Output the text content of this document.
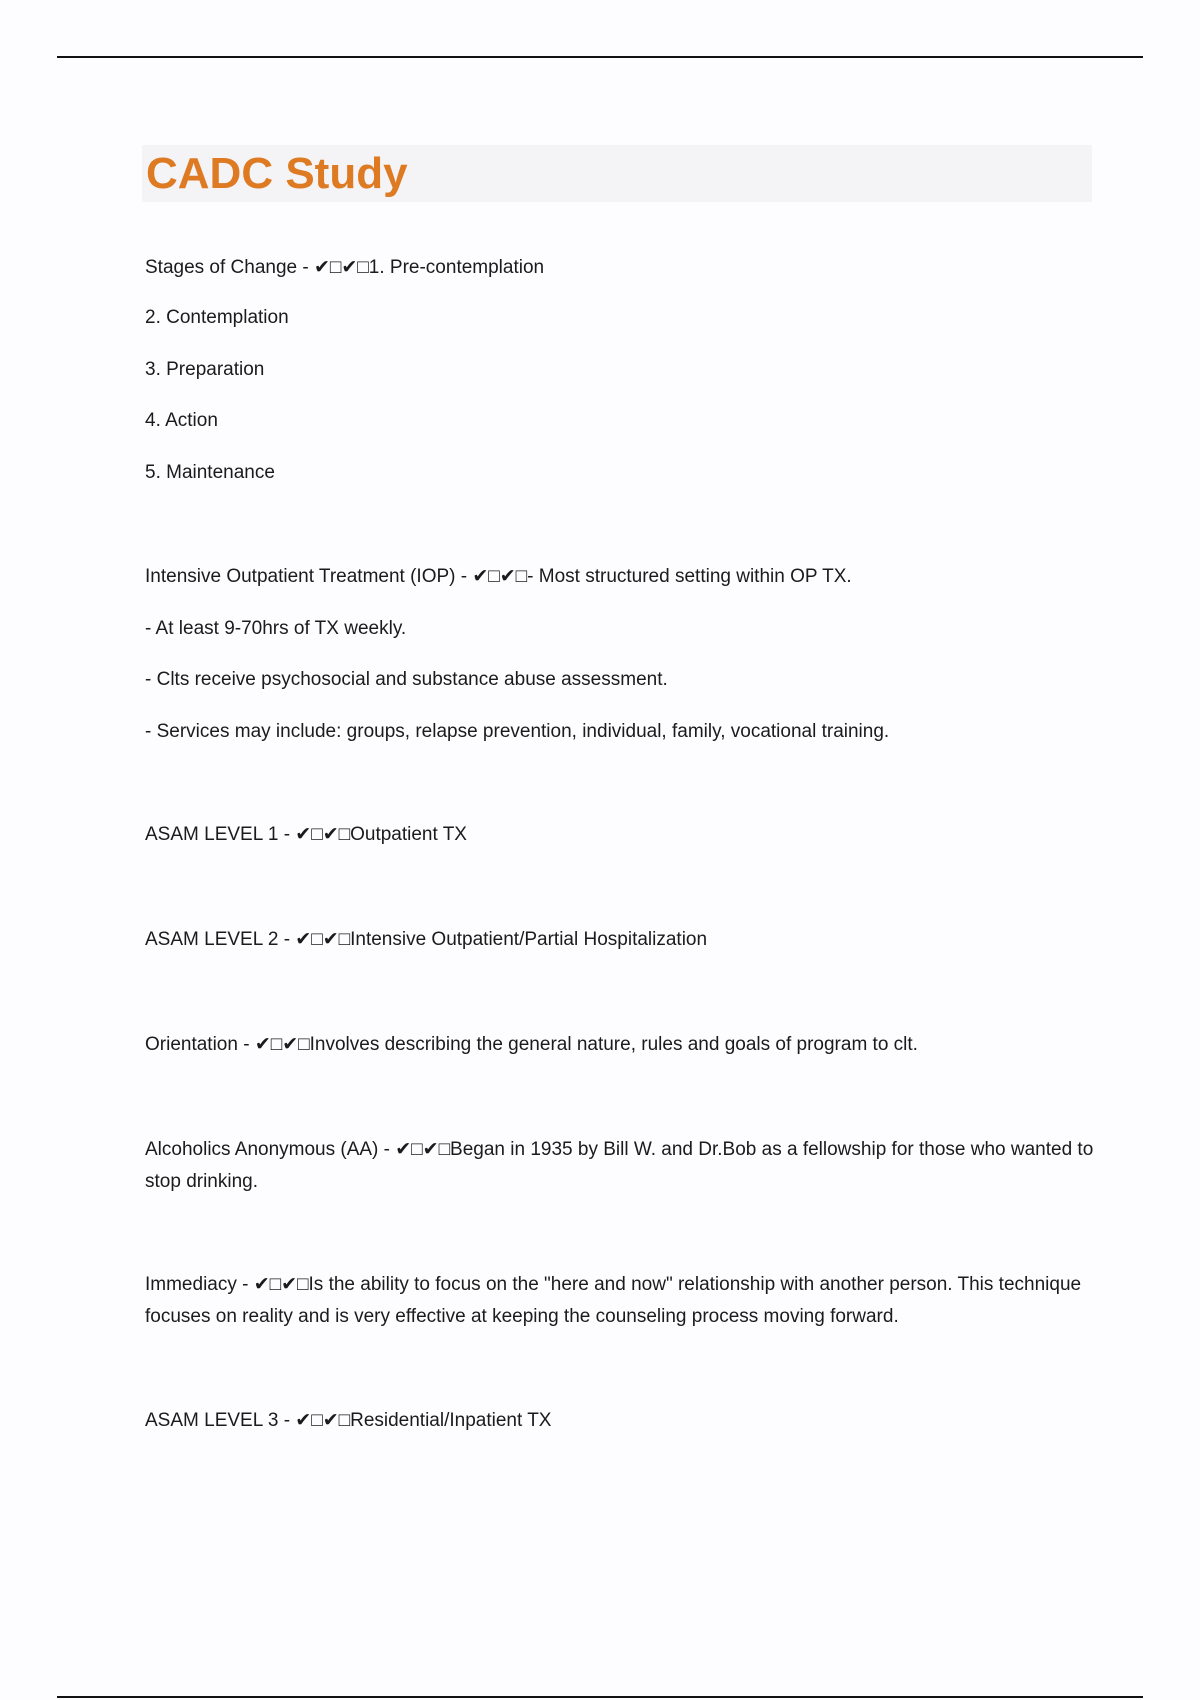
CADC Study
Stages of Change - ✔□✔□1. Pre-contemplation
2. Contemplation
3. Preparation
4. Action
5. Maintenance
Intensive Outpatient Treatment (IOP) - ✔□✔□- Most structured setting within OP TX.
- At least 9-70hrs of TX weekly.
- Clts receive psychosocial and substance abuse assessment.
- Services may include: groups, relapse prevention, individual, family, vocational training.
ASAM LEVEL 1 - ✔□✔□Outpatient TX
ASAM LEVEL 2 - ✔□✔□Intensive Outpatient/Partial Hospitalization
Orientation - ✔□✔□Involves describing the general nature, rules and goals of program to clt.
Alcoholics Anonymous (AA) - ✔□✔□Began in 1935 by Bill W. and Dr.Bob as a fellowship for those who wanted to stop drinking.
Immediacy - ✔□✔□Is the ability to focus on the "here and now" relationship with another person. This technique focuses on reality and is very effective at keeping the counseling process moving forward.
ASAM LEVEL 3 - ✔□✔□Residential/Inpatient TX
